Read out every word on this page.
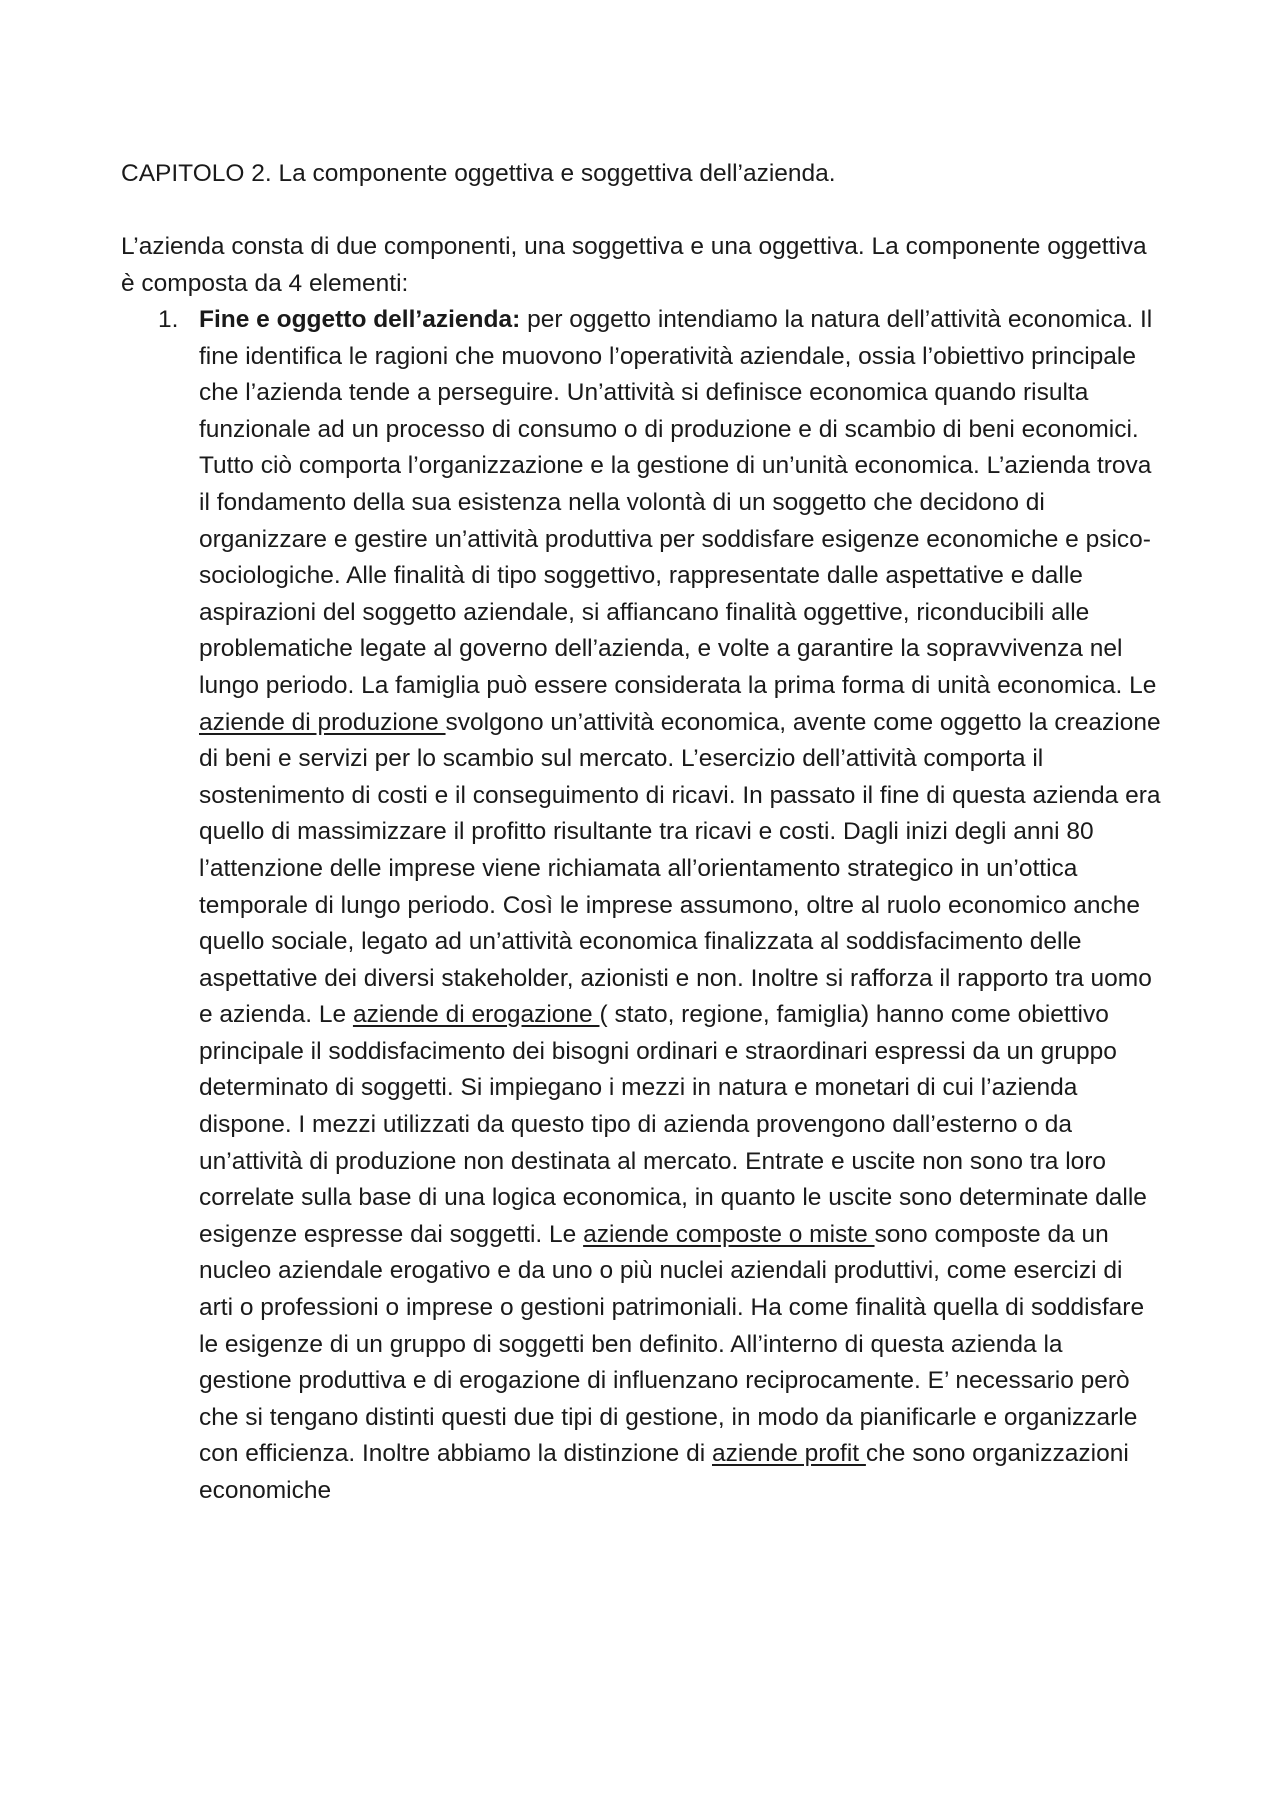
CAPITOLO 2. La componente oggettiva e soggettiva dell’azienda.

L’azienda consta di due componenti, una soggettiva e una oggettiva. La componente oggettiva è composta da 4 elementi:

1. Fine e oggetto dell’azienda: per oggetto intendiamo la natura dell’attività economica. Il fine identifica le ragioni che muovono l’operatività aziendale, ossia l’obiettivo principale che l’azienda tende a perseguire. Un’attività si definisce economica quando risulta funzionale ad un processo di consumo o di produzione e di scambio di beni economici. Tutto ciò comporta l’organizzazione e la gestione di un’unità economica. L’azienda trova il fondamento della sua esistenza nella volontà di un soggetto che decidono di organizzare e gestire un’attività produttiva per soddisfare esigenze economiche e psico-sociologiche. Alle finalità di tipo soggettivo, rappresentate dalle aspettative e dalle aspirazioni del soggetto aziendale, si affiancano finalità oggettive, riconducibili alle problematiche legate al governo dell’azienda, e volte a garantire la sopravvivenza nel lungo periodo. La famiglia può essere considerata la prima forma di unità economica. Le aziende di produzione svolgono un’attività economica, avente come oggetto la creazione di beni e servizi per lo scambio sul mercato. L’esercizio dell’attività comporta il sostenimento di costi e il conseguimento di ricavi. In passato il fine di questa azienda era quello di massimizzare il profitto risultante tra ricavi e costi. Dagli inizi degli anni 80 l’attenzione delle imprese viene richiamata all’orientamento strategico in un’ottica temporale di lungo periodo. Così le imprese assumono, oltre al ruolo economico anche quello sociale, legato ad un’attività economica finalizzata al soddisfacimento delle aspettative dei diversi stakeholder, azionisti e non. Inoltre si rafforza il rapporto tra uomo e azienda. Le aziende di erogazione ( stato, regione, famiglia) hanno come obiettivo principale il soddisfacimento dei bisogni ordinari e straordinari espressi da un gruppo determinato di soggetti. Si impiegano i mezzi in natura e monetari di cui l’azienda dispone. I mezzi utilizzati da questo tipo di azienda provengono dall’esterno o da un’attività di produzione non destinata al mercato. Entrate e uscite non sono tra loro correlate sulla base di una logica economica, in quanto le uscite sono determinate dalle esigenze espresse dai soggetti. Le aziende composte o miste sono composte da un nucleo aziendale erogativo e da uno o più nuclei aziendali produttivi, come esercizi di arti o professioni o imprese o gestioni patrimoniali. Ha come finalità quella di soddisfare le esigenze di un gruppo di soggetti ben definito. All’interno di questa azienda la gestione produttiva e di erogazione di influenzano reciprocamente. E’ necessario però che si tengano distinti questi due tipi di gestione, in modo da pianificarle e organizzarle con efficienza. Inoltre abbiamo la distinzione di aziende profit che sono organizzazioni economiche
